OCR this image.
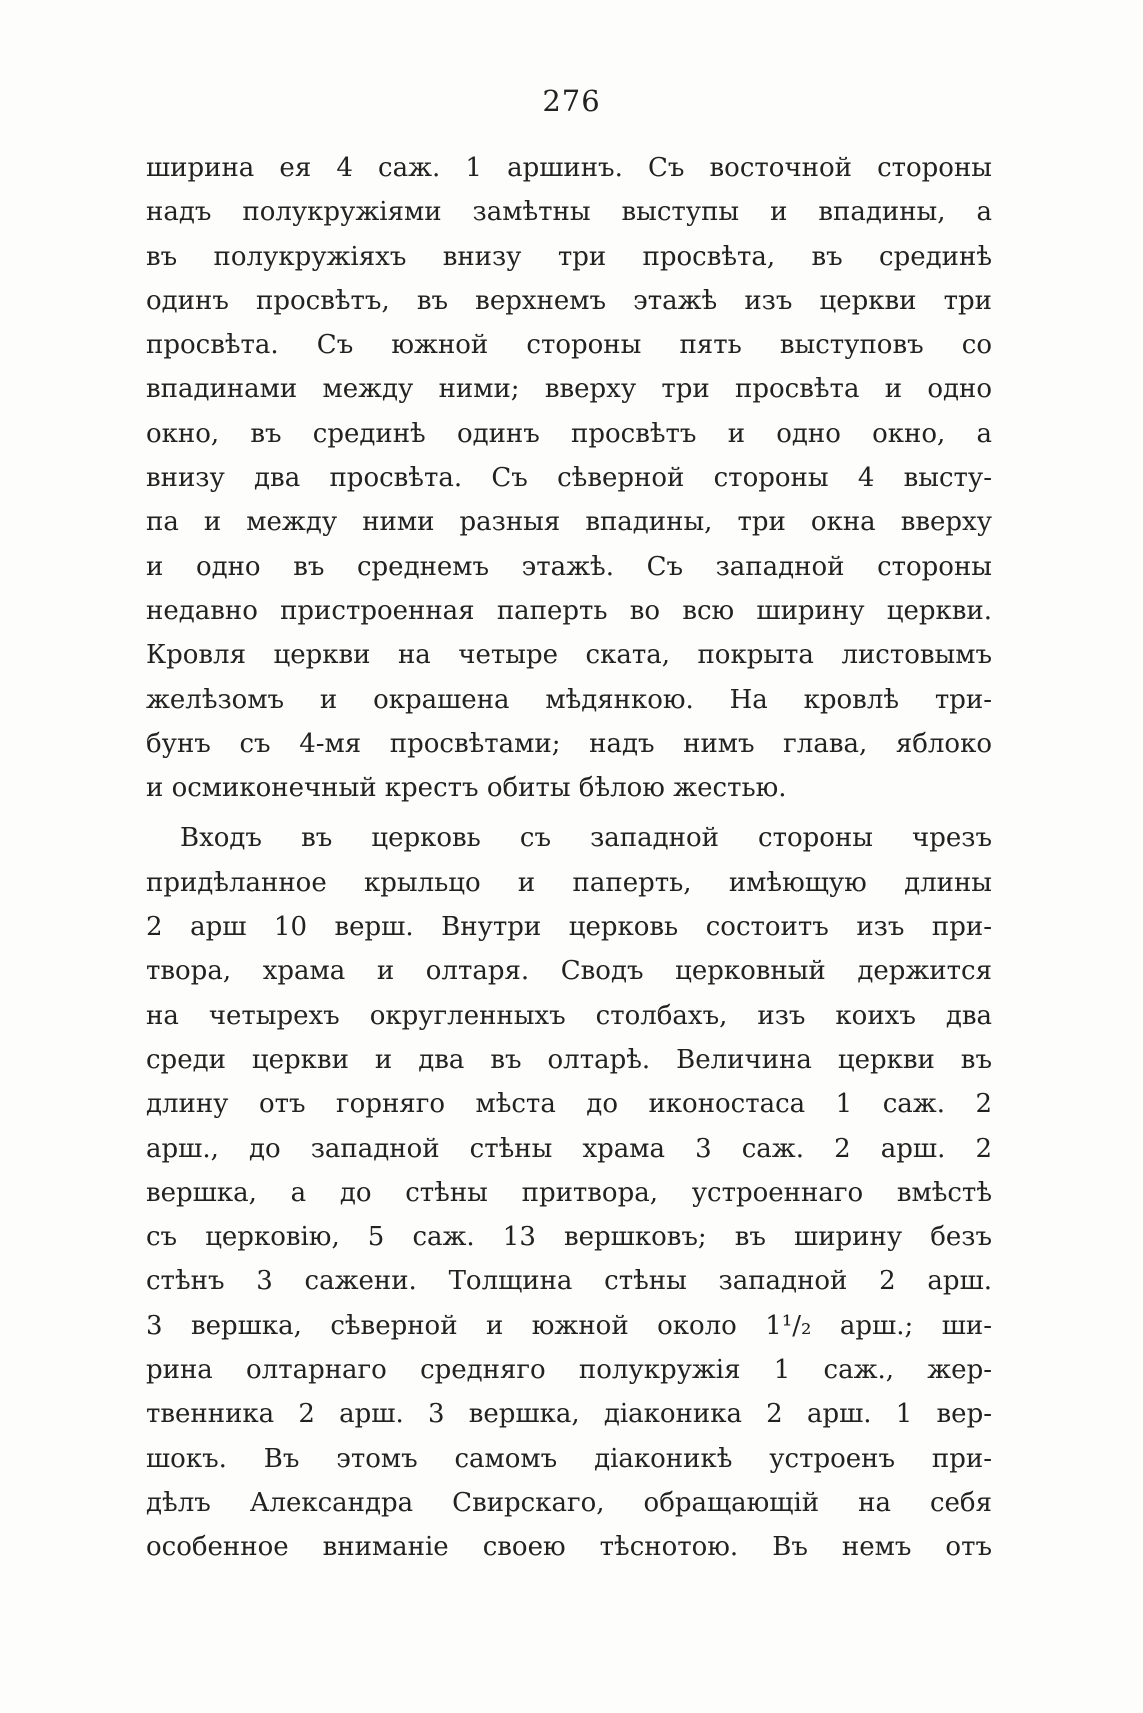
276
ширина ея 4 саж. 1 аршинъ. Съ восточной стороны
надъ полукружіями замѣтны выступы и впадины, а
въ полукружіяхъ внизу три просвѣта, въ срединѣ
одинъ просвѣтъ, въ верхнемъ этажѣ изъ церкви три
просвѣта. Съ южной стороны пять выступовъ со
впадинами между ними; вверху три просвѣта и одно
окно, въ срединѣ одинъ просвѣтъ и одно окно, а
внизу два просвѣта. Съ сѣверной стороны 4 высту-
па и между ними разныя впадины, три окна вверху
и одно въ среднемъ этажѣ. Съ западной стороны
недавно пристроенная паперть во всю ширину церкви.
Кровля церкви на четыре ската, покрыта листовымъ
желѣзомъ и окрашена мѣдянкою. На кровлѣ три-
бунъ съ 4-мя просвѣтами; надъ нимъ глава, яблоко
и осмиконечный крестъ обиты бѣлою жестью.
Входъ въ церковь съ западной стороны чрезъ
придѣланное крыльцо и паперть, имѣющую длины
2 арш 10 верш. Внутри церковь состоитъ изъ при-
твора, храма и олтаря. Сводъ церковный держится
на четырехъ округленныхъ столбахъ, изъ коихъ два
среди церкви и два въ олтарѣ. Величина церкви въ
длину отъ горняго мѣста до иконостаса 1 саж. 2
арш., до западной стѣны храма 3 саж. 2 арш. 2
вершка, а до стѣны притвора, устроеннаго вмѣстѣ
съ церковію, 5 саж. 13 вершковъ; въ ширину безъ
стѣнъ 3 сажени. Толщина стѣны западной 2 арш.
3 вершка, сѣверной и южной около 1¹/₂ арш.; ши-
рина олтарнаго средняго полукружія 1 саж., жер-
твенника 2 арш. 3 вершка, діаконика 2 арш. 1 вер-
шокъ. Въ этомъ самомъ діаконикѣ устроенъ при-
дѣлъ Александра Свирскаго, обращающій на себя
особенное вниманіе своею тѣснотою. Въ немъ отъ
